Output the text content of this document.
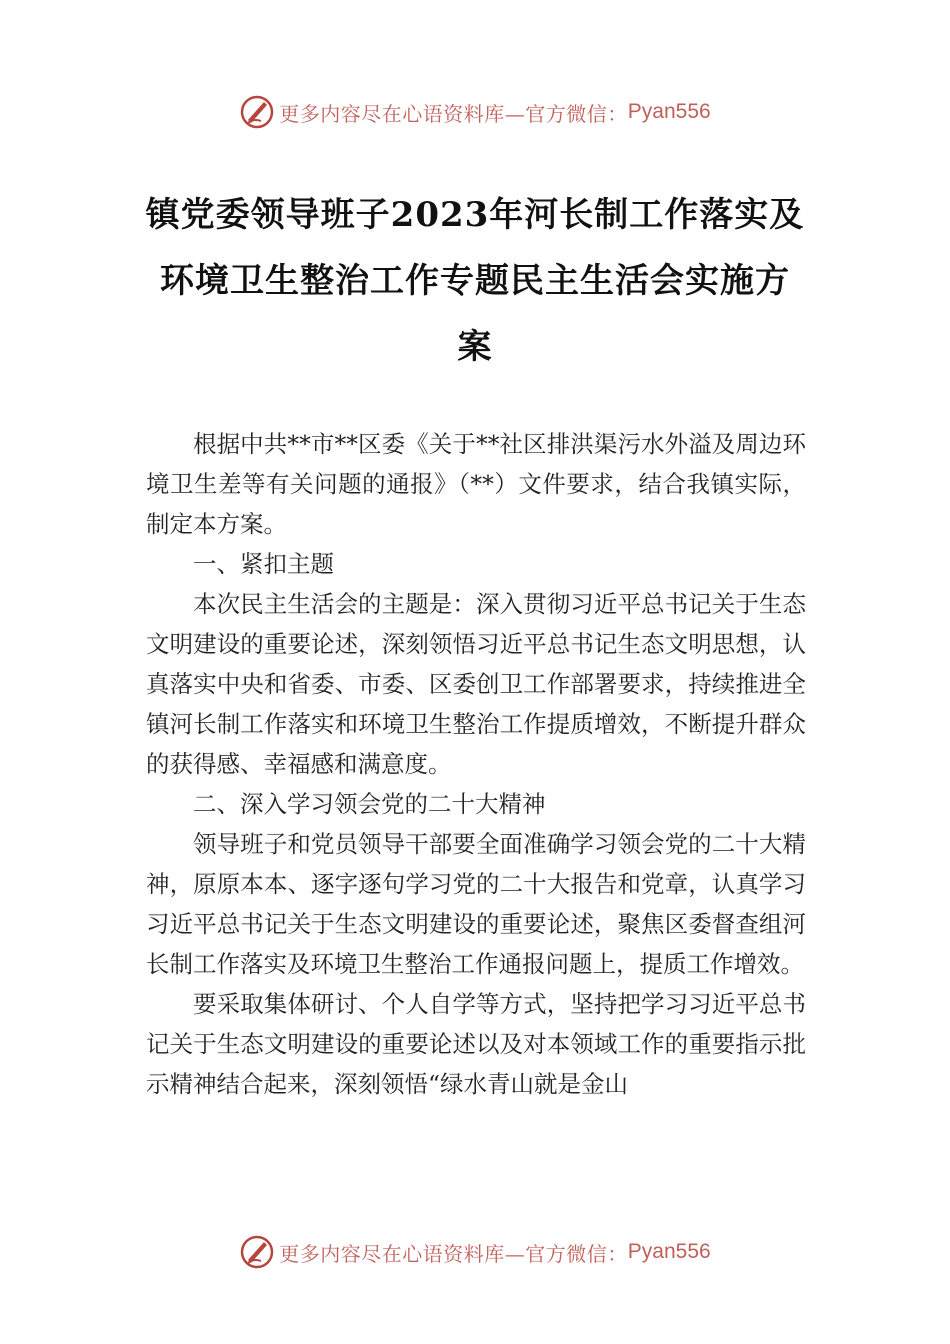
更多内容尽在心语资料库—官方微信： Pyan556
镇党委领导班子2023年河长制工作落实及
环境卫生整治工作专题民主生活会实施方
案

根据中共**市**区委《关于**社区排洪渠污水外溢及周边环境卫生差等有关问题的通报》（**）文件要求，结合我镇实际，制定本方案。

一、紧扣主题

本次民主生活会的主题是：深入贯彻习近平总书记关于生态文明建设的重要论述，深刻领悟习近平总书记生态文明思想，认真落实中央和省委、市委、区委创卫工作部署要求，持续推进全镇河长制工作落实和环境卫生整治工作提质增效，不断提升群众的获得感、幸福感和满意度。

二、深入学习领会党的二十大精神

领导班子和党员领导干部要全面准确学习领会党的二十大精神，原原本本、逐字逐句学习党的二十大报告和党章，认真学习习近平总书记关于生态文明建设的重要论述，聚焦区委督查组河长制工作落实及环境卫生整治工作通报问题上，提质工作增效。

要采取集体研讨、个人自学等方式，坚持把学习习近平总书记关于生态文明建设的重要论述以及对本领域工作的重要指示批示精神结合起来，深刻领悟“绿水青山就是金山

更多内容尽在心语资料库—官方微信： Pyan556
